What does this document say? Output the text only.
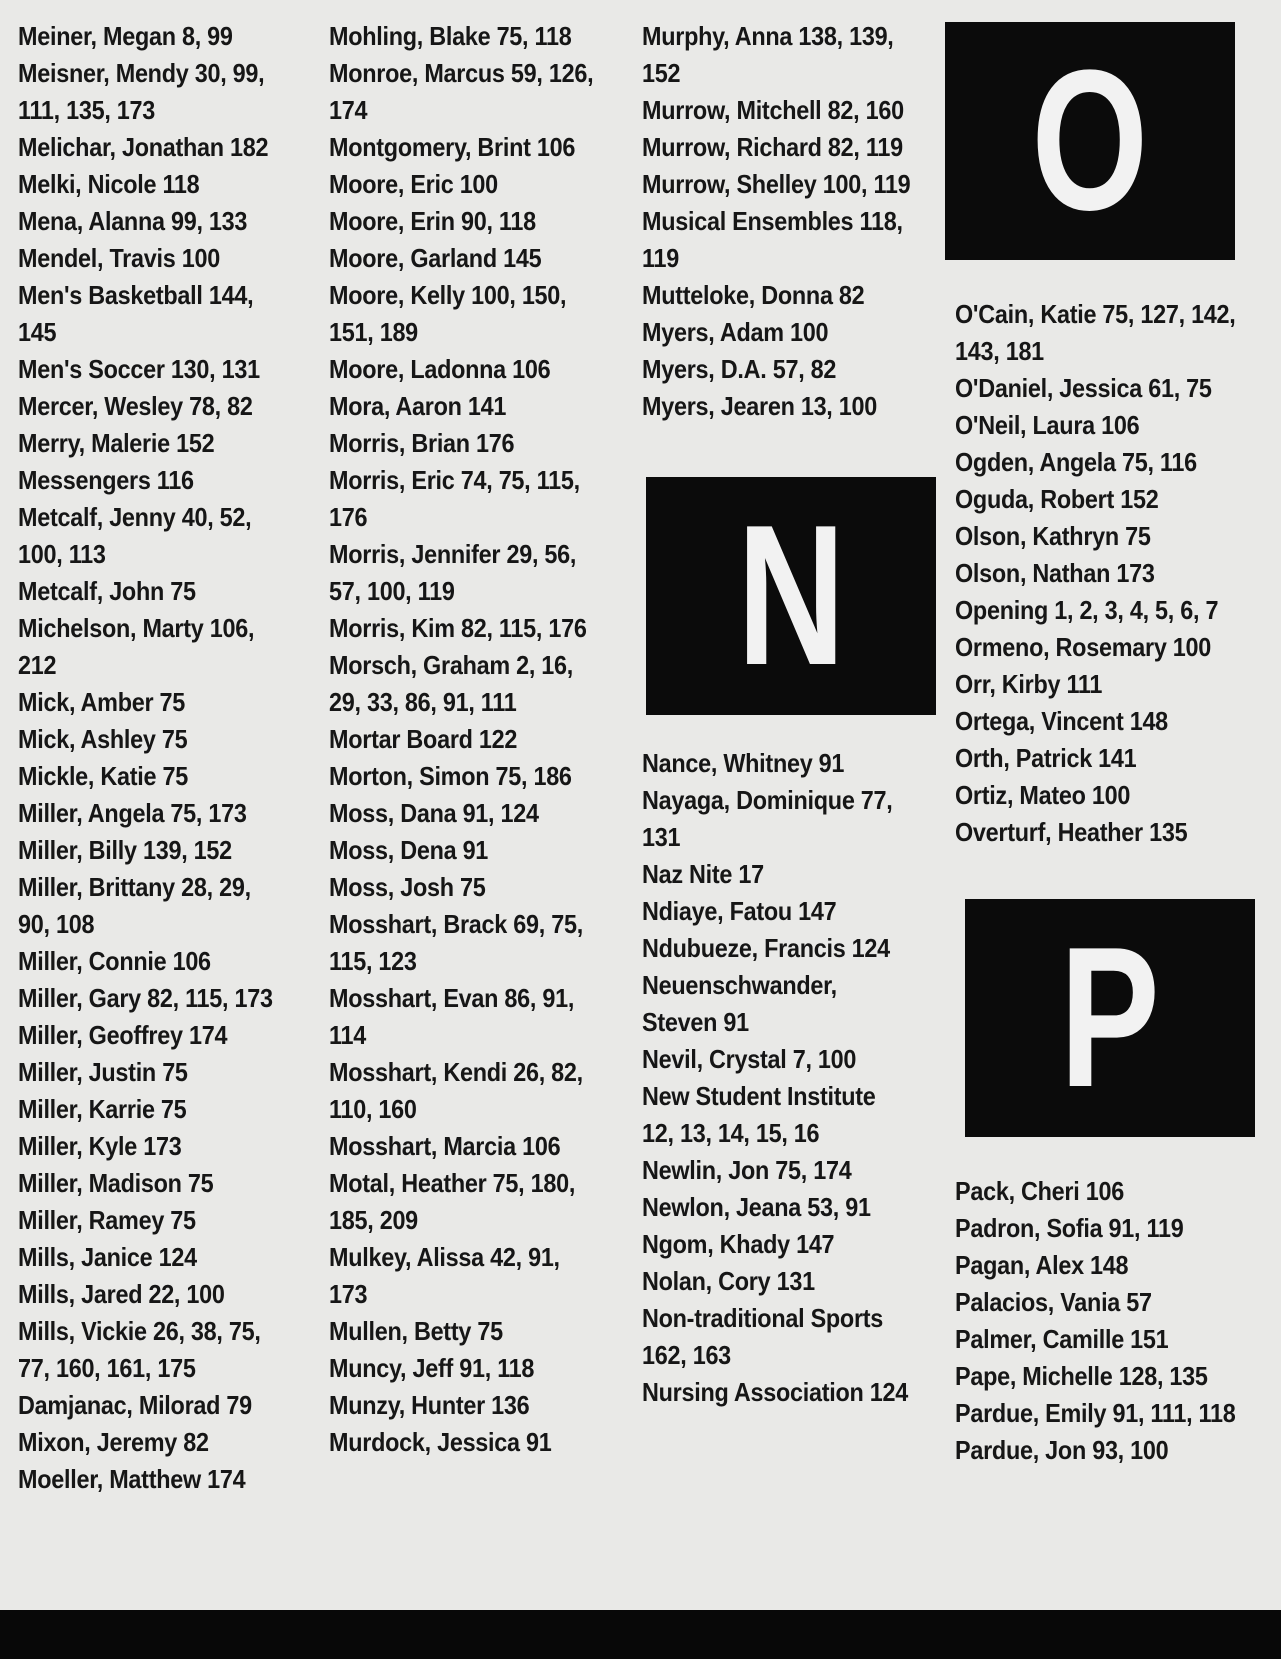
Meiner, Megan 8, 99
Meisner, Mendy 30, 99, 111, 135, 173
Melichar, Jonathan 182
Melki, Nicole 118
Mena, Alanna 99, 133
Mendel, Travis 100
Men's Basketball 144, 145
Men's Soccer 130, 131
Mercer, Wesley 78, 82
Merry, Malerie 152
Messengers 116
Metcalf, Jenny 40, 52, 100, 113
Metcalf, John 75
Michelson, Marty 106, 212
Mick, Amber 75
Mick, Ashley 75
Mickle, Katie 75
Miller, Angela 75, 173
Miller, Billy 139, 152
Miller, Brittany 28, 29, 90, 108
Miller, Connie 106
Miller, Gary 82, 115, 173
Miller, Geoffrey 174
Miller, Justin 75
Miller, Karrie 75
Miller, Kyle 173
Miller, Madison 75
Miller, Ramey 75
Mills, Janice 124
Mills, Jared 22, 100
Mills, Vickie 26, 38, 75, 77, 160, 161, 175
Damjanac, Milorad 79
Mixon, Jeremy 82
Moeller, Matthew 174
Mohling, Blake 75, 118
Monroe, Marcus 59, 126, 174
Montgomery, Brint 106
Moore, Eric 100
Moore, Erin 90, 118
Moore, Garland 145
Moore, Kelly 100, 150, 151, 189
Moore, Ladonna 106
Mora, Aaron 141
Morris, Brian 176
Morris, Eric 74, 75, 115, 176
Morris, Jennifer 29, 56, 57, 100, 119
Morris, Kim 82, 115, 176
Morsch, Graham 2, 16, 29, 33, 86, 91, 111
Mortar Board 122
Morton, Simon 75, 186
Moss, Dana 91, 124
Moss, Dena 91
Moss, Josh 75
Mosshart, Brack 69, 75, 115, 123
Mosshart, Evan 86, 91, 114
Mosshart, Kendi 26, 82, 110, 160
Mosshart, Marcia 106
Motal, Heather 75, 180, 185, 209
Mulkey, Alissa 42, 91, 173
Mullen, Betty 75
Muncy, Jeff 91, 118
Munzy, Hunter 136
Murdock, Jessica 91
Murphy, Anna 138, 139, 152
Murrow, Mitchell 82, 160
Murrow, Richard 82, 119
Murrow, Shelley 100, 119
Musical Ensembles 118, 119
Mutteloke, Donna 82
Myers, Adam 100
Myers, D.A. 57, 82
Myers, Jearen 13, 100
N
Nance, Whitney 91
Nayaga, Dominique 77, 131
Naz Nite 17
Ndiaye, Fatou 147
Ndubueze, Francis 124
Neuenschwander, Steven 91
Nevil, Crystal 7, 100
New Student Institute 12, 13, 14, 15, 16
Newlin, Jon 75, 174
Newlon, Jeana 53, 91
Ngom, Khady 147
Nolan, Cory 131
Non-traditional Sports 162, 163
Nursing Association 124
O
O'Cain, Katie 75, 127, 142, 143, 181
O'Daniel, Jessica 61, 75
O'Neil, Laura 106
Ogden, Angela 75, 116
Oguda, Robert 152
Olson, Kathryn 75
Olson, Nathan 173
Opening 1, 2, 3, 4, 5, 6, 7
Ormeno, Rosemary 100
Orr, Kirby 111
Ortega, Vincent 148
Orth, Patrick 141
Ortiz, Mateo 100
Overturf, Heather 135
P
Pack, Cheri 106
Padron, Sofia 91, 119
Pagan, Alex 148
Palacios, Vania 57
Palmer, Camille 151
Pape, Michelle 128, 135
Pardue, Emily 91, 111, 118
Pardue, Jon 93, 100
